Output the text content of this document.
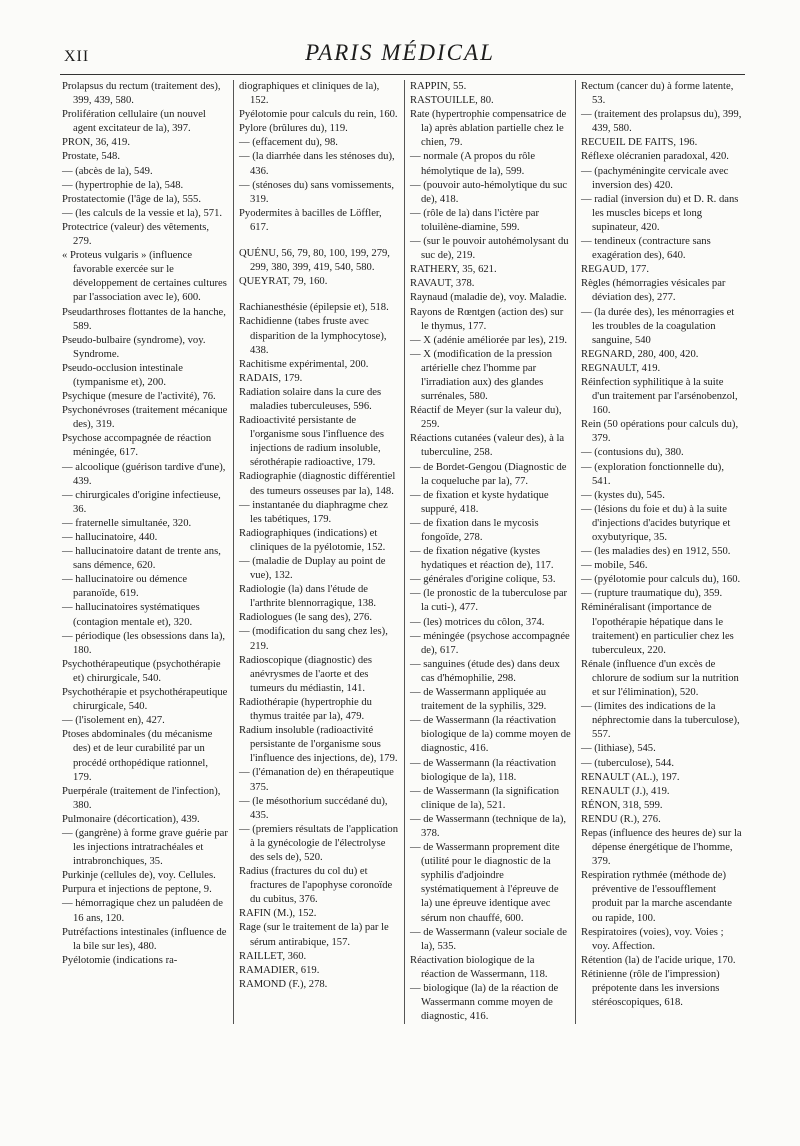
XII	PARIS MÉDICAL

Prolapsus du rectum (traitement des), 399, 439, 580.

Prolifération cellulaire (un nouvel agent excitateur de la), 397.

PRON, 36, 419.

Prostate, 548.

— (abcès de la), 549.

— (hypertrophie de la), 548.

Prostatectomie (l'âge de la), 555.

— (les calculs de la vessie et la), 571.

Protectrice (valeur) des vêtements, 279.

« Proteus vulgaris » (influence favorable exercée sur le développement de certaines cultures par l'association avec le), 600.

Pseudarthroses flottantes de la hanche, 589.

Pseudo-bulbaire (syndrome), voy. Syndrome.

Pseudo-occlusion intestinale (tympanisme et), 200.

Psychique (mesure de l'activité), 76.

Psychonévroses (traitement mécanique des), 319.

Psychose accompagnée de réaction méningée, 617.

— alcoolique (guérison tardive d'une), 439.

— chirurgicales d'origine infectieuse, 36.

— fraternelle simultanée, 320.

— hallucinatoire, 440.

— hallucinatoire datant de trente ans, sans démence, 620.

— hallucinatoire ou démence paranoïde, 619.

— hallucinatoires systématiques (contagion mentale et), 320.

— périodique (les obsessions dans la), 180.

Psychothérapeutique (psychothérapie et) chirurgicale, 540.

Psychothérapie et psychothérapeutique chirurgicale, 540.

— (l'isolement en), 427.

Ptoses abdominales (du mécanisme des) et de leur curabilité par un procédé orthopédique rationnel, 179.

Puerpérale (traitement de l'infection), 380.

Pulmonaire (décortication), 439.

— (gangrène) à forme grave guérie par les injections intratrachéales et intrabronchiques, 35.

Purkinje (cellules de), voy. Cellules.

Purpura et injections de peptone, 9.

— hémorragique chez un paludéen de 16 ans, 120.

Putréfactions intestinales (influence de la bile sur les), 480.

Pyélotomie (indications ra-

diographiques et cliniques de la), 152.

Pyélotomie pour calculs du rein, 160.

Pylore (brûlures du), 119.

— (effacement du), 98.

— (la diarrhée dans les sténoses du), 436.

— (sténoses du) sans vomissements, 319.

Pyodermites à bacilles de Löffler, 617.

QUÉNU, 56, 79, 80, 100, 199, 279, 299, 380, 399, 419, 540, 580.

QUEYRAT, 79, 160.

Rachianesthésie (épilepsie et), 518.

Rachidienne (tabes fruste avec disparition de la lymphocytose), 438.

Rachitisme expérimental, 200.

RADAIS, 179.

Radiation solaire dans la cure des maladies tuberculeuses, 596.

Radioactivité persistante de l'organisme sous l'influence des injections de radium insoluble, sérothérapie radioactive, 179.

Radiographie (diagnostic différentiel des tumeurs osseuses par la), 148.

— instantanée du diaphragme chez les tabétiques, 179.

Radiographiques (indications) et cliniques de la pyélotomie, 152.

— (maladie de Duplay au point de vue), 132.

Radiologie (la) dans l'étude de l'arthrite blennorragique, 138.

Radiologues (le sang des), 276.

— (modification du sang chez les), 219.

Radioscopique (diagnostic) des anévrysmes de l'aorte et des tumeurs du médiastin, 141.

Radiothérapie (hypertrophie du thymus traitée par la), 479.

Radium insoluble (radioactivité persistante de l'organisme sous l'influence des injections, de), 179.

— (l'émanation de) en thérapeutique 375.

— (le mésothorium succédané du), 435.

— (premiers résultats de l'application à la gynécologie de l'électrolyse des sels de), 520.

Radius (fractures du col du) et fractures de l'apophyse coronoïde du cubitus, 376.

RAFIN (M.), 152.

Rage (sur le traitement de la) par le sérum antirabique, 157.

RAILLET, 360.

RAMADIER, 619.

RAMOND (F.), 278.

RAPPIN, 55.

RASTOUILLE, 80.

Rate (hypertrophie compensatrice de la) après ablation partielle chez le chien, 79.

— normale (A propos du rôle hémolytique de la), 599.

— (pouvoir auto-hémolytique du suc de), 418.

— (rôle de la) dans l'ictère par toluilène-diamine, 599.

— (sur le pouvoir autohémolysant du suc de), 219.

RATHERY, 35, 621.

RAVAUT, 378.

Raynaud (maladie de), voy. Maladie.

Rayons de Rœntgen (action des) sur le thymus, 177.

— X (adénie améliorée par les), 219.

— X (modification de la pression artérielle chez l'homme par l'irradiation aux) des glandes surrénales, 580.

Réactif de Meyer (sur la valeur du), 259.

Réactions cutanées (valeur des), à la tuberculine, 258.

— de Bordet-Gengou (Diagnostic de la coqueluche par la), 77.

— de fixation et kyste hydatique suppuré, 418.

— de fixation dans le mycosis fongoïde, 278.

— de fixation négative (kystes hydatiques et réaction de), 117.

— générales d'origine colique, 53.

— (le pronostic de la tuberculose par la cuti-), 477.

— (les) motrices du côlon, 374.

— méningée (psychose accompagnée de), 617.

— sanguines (étude des) dans deux cas d'hémophilie, 298.

— de Wassermann appliquée au traitement de la syphilis, 329.

— de Wassermann (la réactivation biologique de la) comme moyen de diagnostic, 416.

— de Wassermann (la réactivation biologique de la), 118.

— de Wassermann (la signification clinique de la), 521.

— de Wassermann (technique de la), 378.

— de Wassermann proprement dite (utilité pour le diagnostic de la syphilis d'adjoindre systématiquement à l'épreuve de la) une épreuve identique avec sérum non chauffé, 600.

— de Wassermann (valeur sociale de la), 535.

Réactivation biologique de la réaction de Wassermann, 118.

— biologique (la) de la réaction de Wassermann comme moyen de diagnostic, 416.

Rectum (cancer du) à forme latente, 53.

— (traitement des prolapsus du), 399, 439, 580.

RECUEIL DE FAITS, 196.

Réflexe olécranien paradoxal, 420.

— (pachyméningite cervicale avec inversion des) 420.

— radial (inversion du) et D. R. dans les muscles biceps et long supinateur, 420.

— tendineux (contracture sans exagération des), 640.

REGAUD, 177.

Règles (hémorragies vésicales par déviation des), 277.

— (la durée des), les ménorragies et les troubles de la coagulation sanguine, 540

REGNARD, 280, 400, 420.

REGNAULT, 419.

Réinfection syphilitique à la suite d'un traitement par l'arsénobenzol, 160.

Rein (50 opérations pour calculs du), 379.

— (contusions du), 380.

— (exploration fonctionnelle du), 541.

— (kystes du), 545.

— (lésions du foie et du) à la suite d'injections d'acides butyrique et oxybutyrique, 35.

— (les maladies des) en 1912, 550.

— mobile, 546.

— (pyélotomie pour calculs du), 160.

— (rupture traumatique du), 359.

Réminéralisant (importance de l'opothérapie hépatique dans le traitement) en particulier chez les tuberculeux, 220.

Rénale (influence d'un excès de chlorure de sodium sur la nutrition et sur l'élimination), 520.

— (limites des indications de la néphrectomie dans la tuberculose), 557.

— (lithiase), 545.

— (tuberculose), 544.

RENAULT (AL.), 197.

RENAULT (J.), 419.

RÉNON, 318, 599.

RENDU (R.), 276.

Repas (influence des heures de) sur la dépense énergétique de l'homme, 379.

Respiration rythmée (méthode de) préventive de l'essoufflement produit par la marche ascendante ou rapide, 100.

Respiratoires (voies), voy. Voies ; voy. Affection.

Rétention (la) de l'acide urique, 170.

Rétinienne (rôle de l'impression) prépotente dans les inversions stéréoscopiques, 618.
